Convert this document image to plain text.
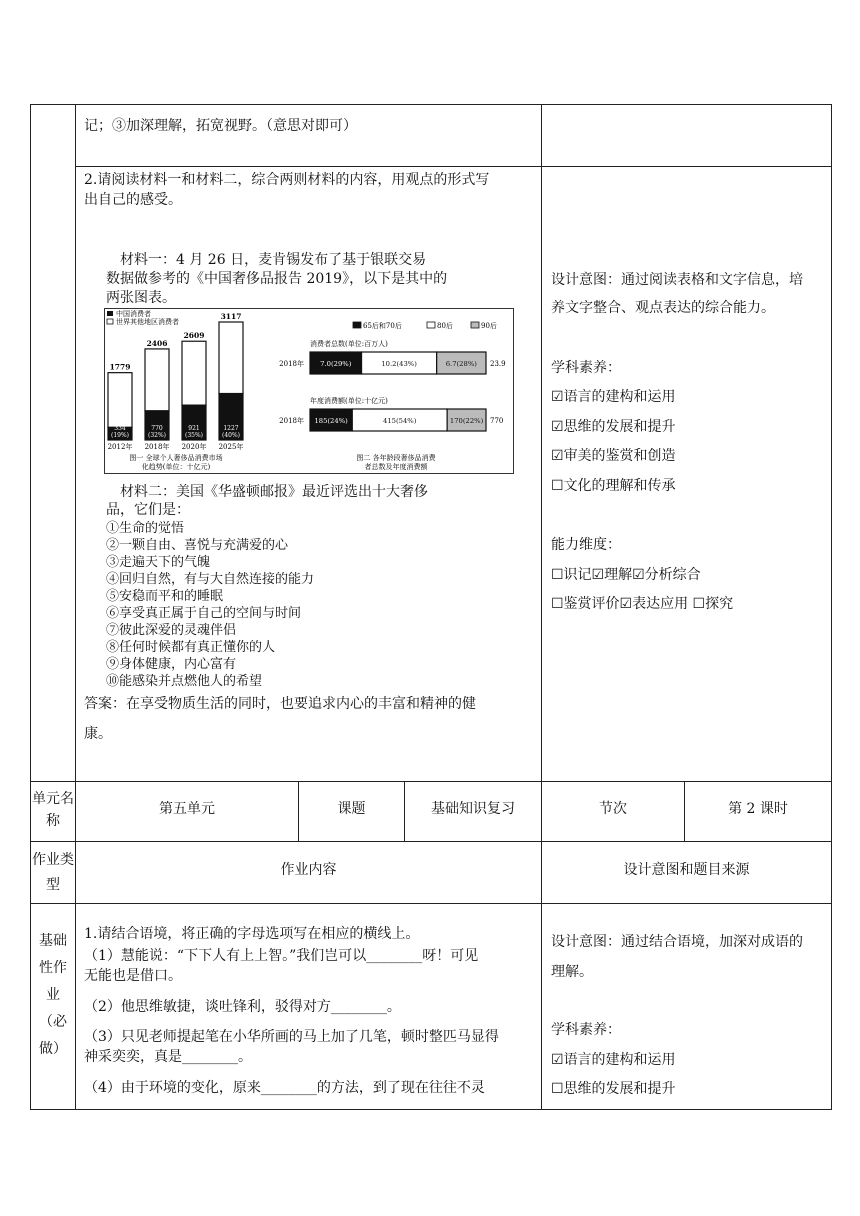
记；③加深理解，拓宽视野。（意思对即可）
2.请阅读材料一和材料二，综合两则材料的内容，用观点的形式写
出自己的感受。
材料一：4 月 26 日，麦肯锡发布了基于银联交易
数据做参考的《中国奢侈品报告 2019》，以下是其中的
两张图表。
中国消费者
世界其他地区消费者
1779
334
(19%)
2012年
2406
770
(32%)
2018年
2609
921
(35%)
2020年
3117
1227
(40%)
2025年
图一 全球个人奢侈品消费市场
化趋势(单位：十亿元)
65后和70后	80后	90后
消费者总数(单位:百万人)
2018年 7.0(29%)	10.2(43%)	6.7(28%) 23.9
年度消费额(单位:十亿元)
2018年 185(24%)	415(54%)	170(22%) 770
图二 各年龄段奢侈品消费
者总数及年度消费额
材料二：美国《华盛顿邮报》最近评选出十大奢侈
品，它们是：
①生命的觉悟
②一颗自由、喜悦与充满爱的心
③走遍天下的气魄
④回归自然，有与大自然连接的能力
⑤安稳而平和的睡眠
⑥享受真正属于自己的空间与时间
⑦彼此深爱的灵魂伴侣
⑧任何时候都有真正懂你的人
⑨身体健康，内心富有
⑩能感染并点燃他人的希望
答案：在享受物质生活的同时，也要追求内心的丰富和精神的健
康。
设计意图：通过阅读表格和文字信息，培
养文字整合、观点表达的综合能力。
学科素养：
☑语言的建构和运用
☑思维的发展和提升
☑审美的鉴赏和创造
☐文化的理解和传承
能力维度：
☐识记☑理解☑分析综合
☐鉴赏评价☑表达应用 ☐探究
单元名称
第五单元	课题	基础知识复习	节次	第 2 课时
作业类型
作业内容	设计意图和题目来源
基础性作业（必做）
1.请结合语境，将正确的字母选项写在相应的横线上。
（1）慧能说：“下下人有上上智。”我们岂可以________呀！可见
无能也是借口。
（2）他思维敏捷，谈吐锋利，驳得对方________。
（3）只见老师提起笔在小华所画的马上加了几笔，顿时整匹马显得
神采奕奕，真是________。
（4）由于环境的变化，原来________的方法，到了现在往往不灵
设计意图：通过结合语境，加深对成语的
理解。
学科素养：
☑语言的建构和运用
☐思维的发展和提升
